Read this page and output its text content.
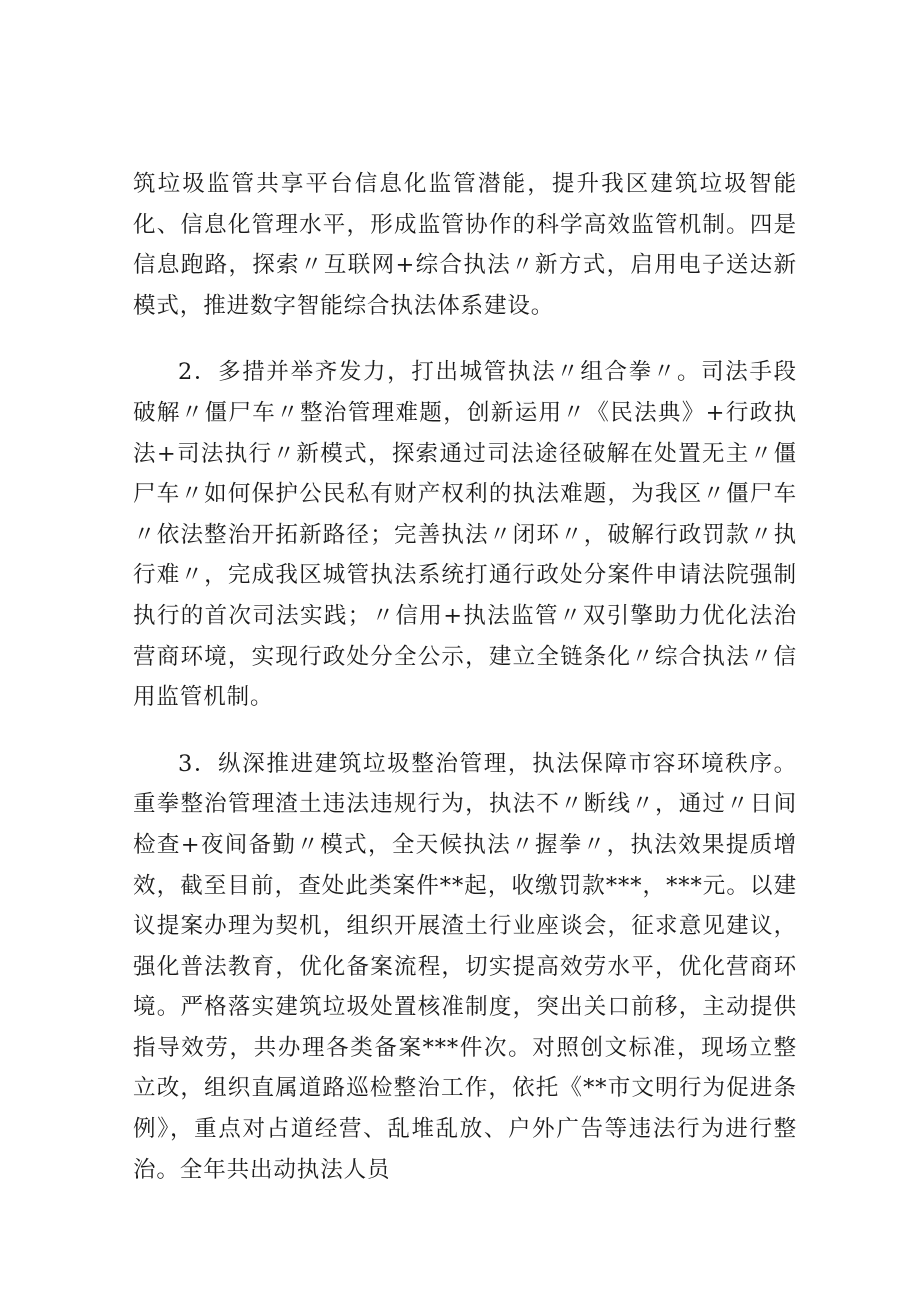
筑垃圾监管共享平台信息化监管潜能，提升我区建筑垃圾智能化、信息化管理水平，形成监管协作的科学高效监管机制。四是信息跑路，探索〃互联网+综合执法〃新方式，启用电子送达新模式，推进数字智能综合执法体系建设。

2．多措并举齐发力，打出城管执法〃组合拳〃。司法手段破解〃僵尸车〃整治管理难题，创新运用〃《民法典》+行政执法+司法执行〃新模式，探索通过司法途径破解在处置无主〃僵尸车〃如何保护公民私有财产权利的执法难题，为我区〃僵尸车〃依法整治开拓新路径；完善执法〃闭环〃，破解行政罚款〃执行难〃，完成我区城管执法系统打通行政处分案件申请法院强制执行的首次司法实践；〃信用+执法监管〃双引擎助力优化法治营商环境，实现行政处分全公示，建立全链条化〃综合执法〃信用监管机制。

3．纵深推进建筑垃圾整治管理，执法保障市容环境秩序。重拳整治管理渣土违法违规行为，执法不〃断线〃，通过〃日间检查+夜间备勤〃模式，全天候执法〃握拳〃，执法效果提质增效，截至目前，查处此类案件**起，收缴罚款***，***元。以建议提案办理为契机，组织开展渣土行业座谈会，征求意见建议，强化普法教育，优化备案流程，切实提高效劳水平，优化营商环境。严格落实建筑垃圾处置核准制度，突出关口前移，主动提供指导效劳，共办理各类备案***件次。对照创文标准，现场立整立改，组织直属道路巡检整治工作，依托《**市文明行为促进条例》，重点对占道经营、乱堆乱放、户外广告等违法行为进行整治。全年共出动执法人员
